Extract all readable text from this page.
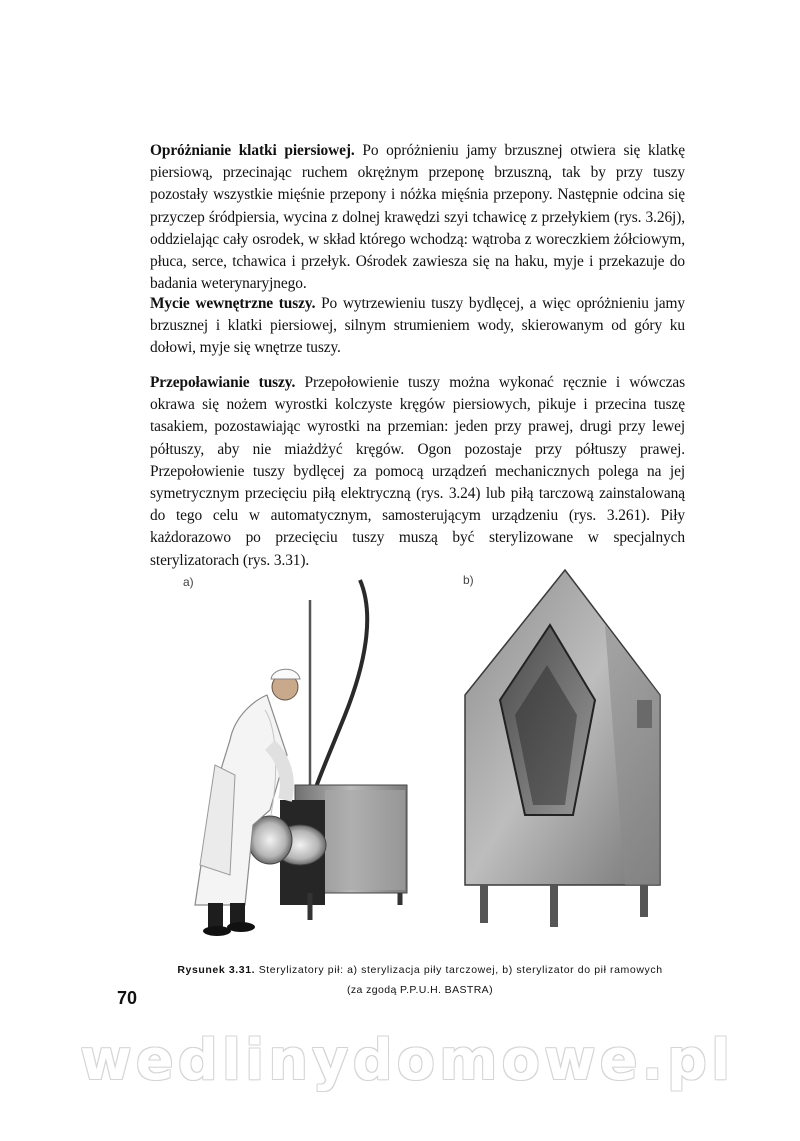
Opróżnianie klatki piersiowej. Po opróżnieniu jamy brzusznej otwiera się klatkę piersiową, przecinając ruchem okrężnym przeponę brzuszną, tak by przy tuszy pozostały wszystkie mięśnie przepony i nóżka mięśnia przepony. Następnie odcina się przyczep śródpiersia, wycina z dolnej krawędzi szyi tchawicę z przełykiem (rys. 3.26j), oddzielając cały osrodek, w skład którego wchodzą: wątroba z woreczkiem żółciowym, płuca, serce, tchawica i przełyk. Ośrodek zawiesza się na haku, myje i przekazuje do badania weterynaryjnego.

Mycie wewnętrzne tuszy. Po wytrzewieniu tuszy bydlęcej, a więc opróżnieniu jamy brzusznej i klatki piersiowej, silnym strumieniem wody, skierowanym od góry ku dołowi, myje się wnętrze tuszy.

Przepoławianie tuszy. Przepołowienie tuszy można wykonać ręcznie i wówczas okrawa się nożem wyrostki kolczyste kręgów piersiowych, pikuje i przecina tuszę tasakiem, pozostawiając wyrostki na przemian: jeden przy prawej, drugi przy lewej półtuszy, aby nie miażdżyć kręgów. Ogon pozostaje przy półtuszy prawej. Przepołowienie tuszy bydlęcej za pomocą urządzeń mechanicznych polega na jej symetrycznym przecięciu piłą elektryczną (rys. 3.24) lub piłą tarczową zainstalowaną do tego celu w automatycznym, samosterującym urządzeniu (rys. 3.261). Piły każdorazowo po przecięciu tuszy muszą być sterylizowane w specjalnych sterylizatorach (rys. 3.31).

a)	b)
Rysunek 3.31. Sterylizatory pił: a) sterylizacja piły tarczowej, b) sterylizator do pił ramowych
(za zgodą P.P.U.H. BASTRA)
70
wedlinydomowe.pl
